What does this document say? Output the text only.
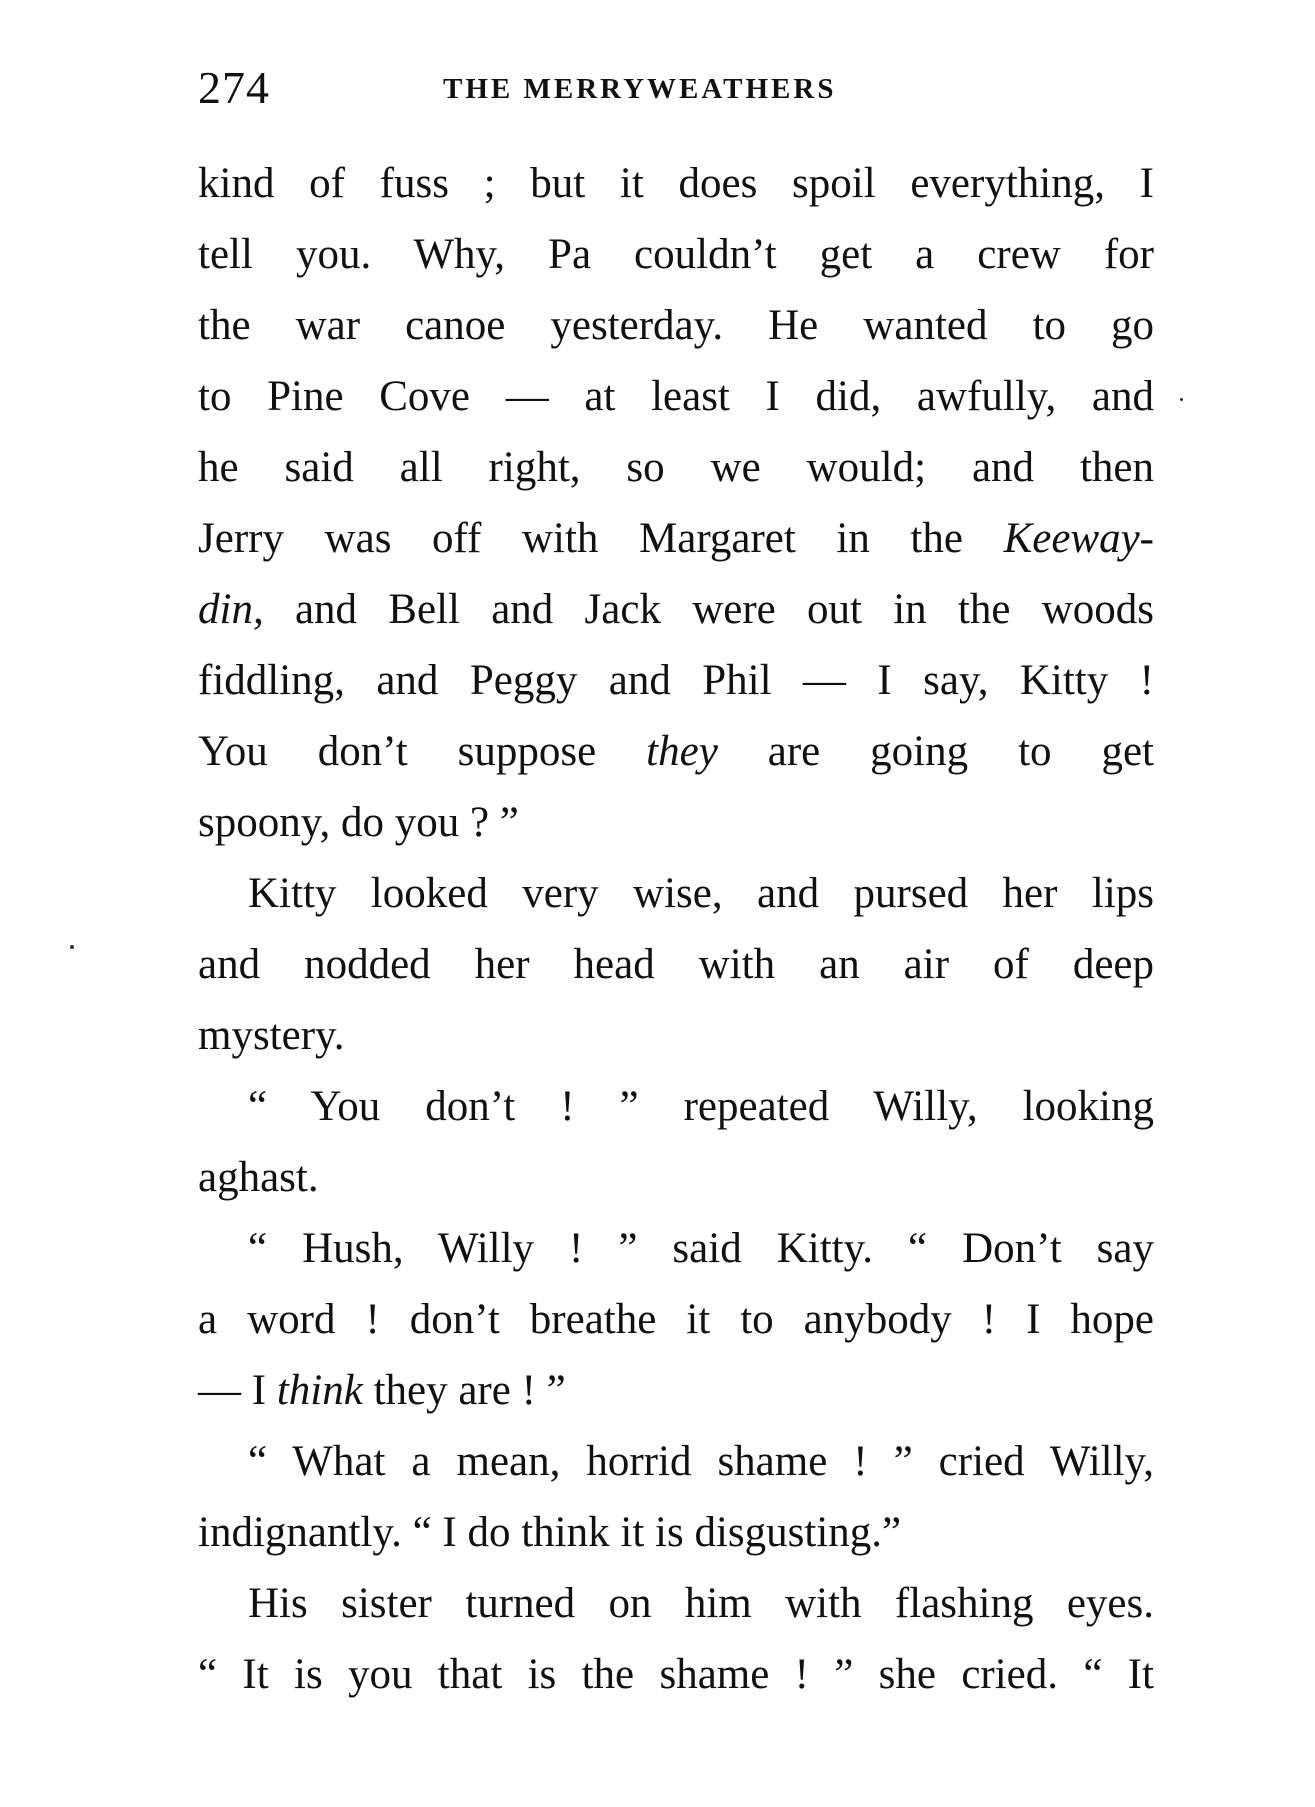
274	THE MERRYWEATHERS
kind of fuss ; but it does spoil everything, I
tell you. Why, Pa couldn’t get a crew for
the war canoe yesterday. He wanted to go
to Pine Cove — at least I did, awfully, and
he said all right, so we would; and then
Jerry was off with Margaret in the Keeway-
din, and Bell and Jack were out in the woods
fiddling, and Peggy and Phil — I say, Kitty !
You don’t suppose they are going to get
spoony, do you ? ”
Kitty looked very wise, and pursed her lips
and nodded her head with an air of deep
mystery.
“ You don’t ! ” repeated Willy, looking
aghast.
“ Hush, Willy ! ” said Kitty. “ Don’t say
a word ! don’t breathe it to anybody ! I hope
— I think they are ! ”
“ What a mean, horrid shame ! ” cried Willy,
indignantly. “ I do think it is disgusting.”
His sister turned on him with flashing eyes.
“ It is you that is the shame ! ” she cried. “ It
